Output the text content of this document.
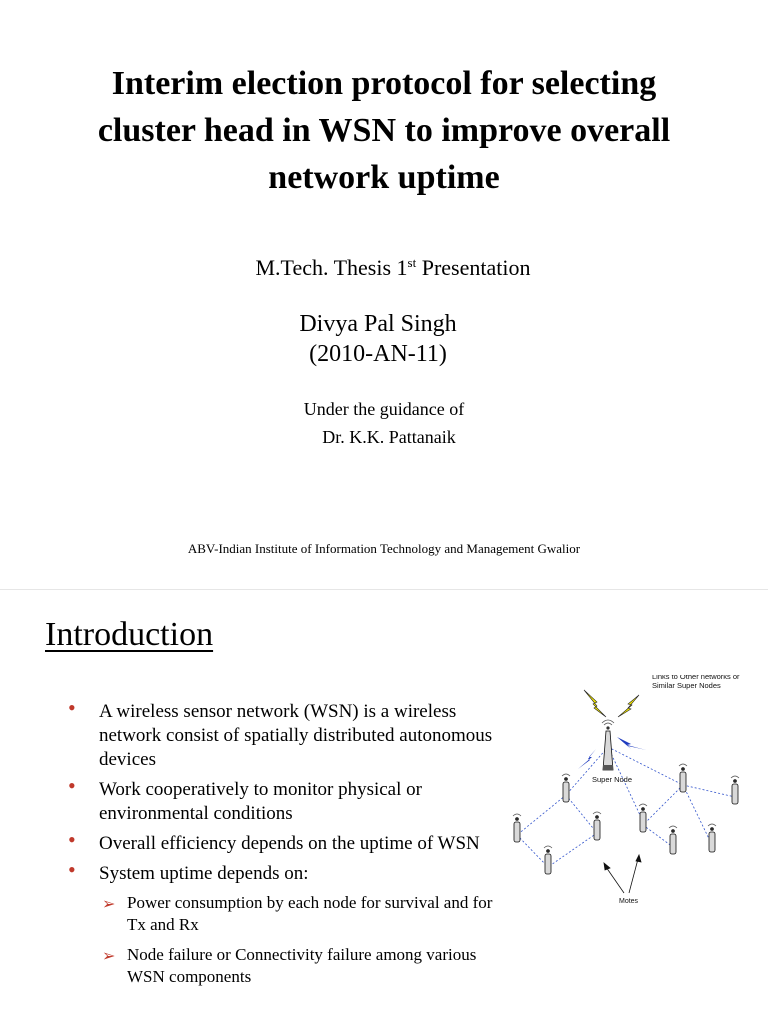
Interim election protocol for selecting
cluster head in WSN to improve overall
network uptime
M.Tech. Thesis 1st Presentation
Divya Pal Singh
(2010-AN-11)
Under the guidance of
Dr. K.K. Pattanaik
ABV-Indian Institute of Information Technology and Management Gwalior
Introduction
• A wireless sensor network (WSN) is a wireless network consist of spatially distributed autonomous devices
• Work cooperatively to monitor physical or environmental conditions
• Overall efficiency depends on the uptime of WSN
• System uptime depends on:
➢ Power consumption by each node for survival and for Tx and Rx
➢ Node failure or Connectivity failure among various WSN components
Links to Other networks or
Similar Super Nodes
Super Node
Motes
